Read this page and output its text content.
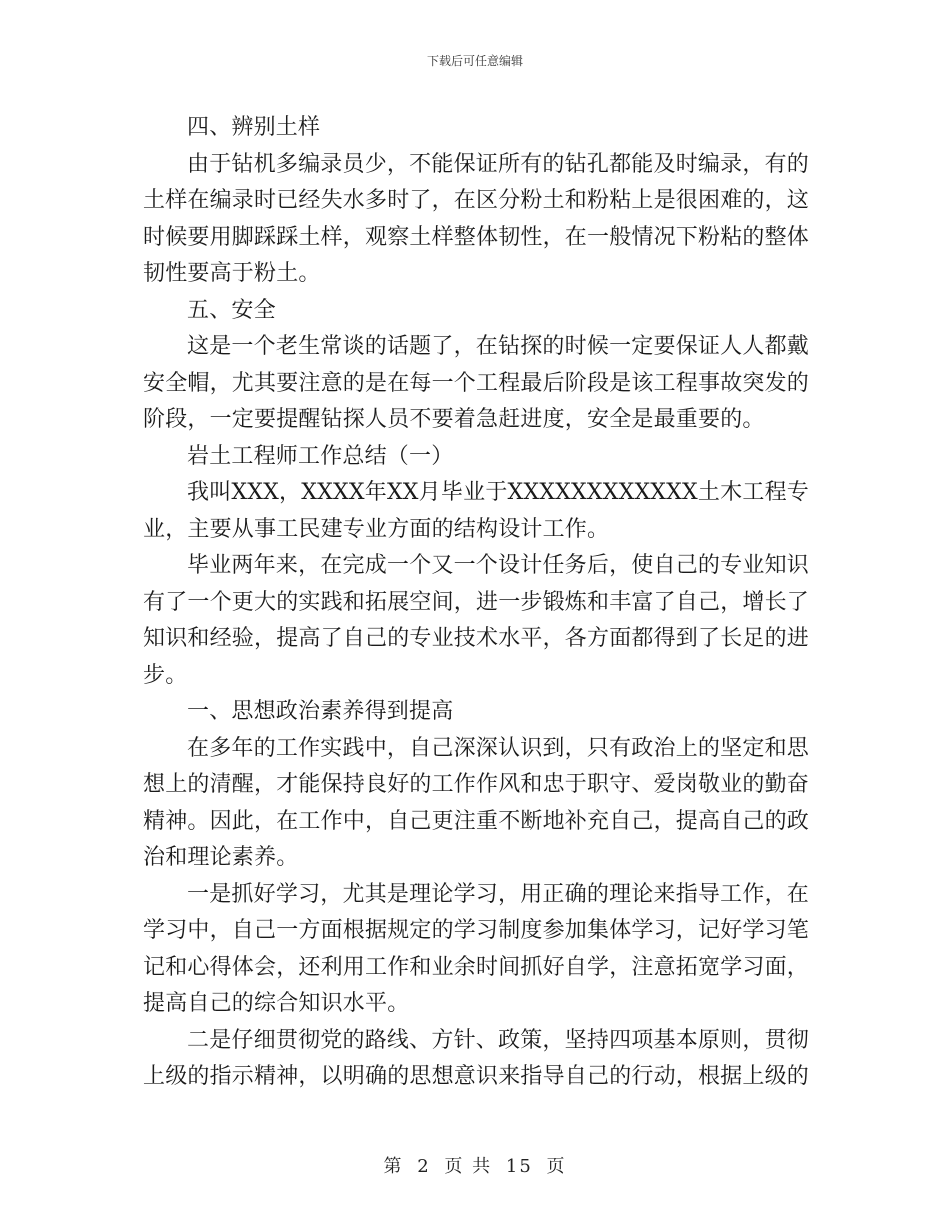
下载后可任意编辑

四、辨别土样

由于钻机多编录员少，不能保证所有的钻孔都能及时编录，有的土样在编录时已经失水多时了，在区分粉土和粉粘上是很困难的，这时候要用脚踩踩土样，观察土样整体韧性，在一般情况下粉粘的整体韧性要高于粉土。

五、安全

这是一个老生常谈的话题了，在钻探的时候一定要保证人人都戴安全帽，尤其要注意的是在每一个工程最后阶段是该工程事故突发的阶段，一定要提醒钻探人员不要着急赶进度，安全是最重要的。

岩土工程师工作总结（一）

我叫XXX，XXXX年XX月毕业于XXXXXXXXXXXX土木工程专业，主要从事工民建专业方面的结构设计工作。

毕业两年来，在完成一个又一个设计任务后，使自己的专业知识有了一个更大的实践和拓展空间，进一步锻炼和丰富了自己，增长了知识和经验，提高了自己的专业技术水平，各方面都得到了长足的进步。

一、思想政治素养得到提高

在多年的工作实践中，自己深深认识到，只有政治上的坚定和思想上的清醒，才能保持良好的工作作风和忠于职守、爱岗敬业的勤奋精神。因此，在工作中，自己更注重不断地补充自己，提高自己的政治和理论素养。

一是抓好学习，尤其是理论学习，用正确的理论来指导工作，在学习中，自己一方面根据规定的学习制度参加集体学习，记好学习笔记和心得体会，还利用工作和业余时间抓好自学，注意拓宽学习面，提高自己的综合知识水平。

二是仔细贯彻党的路线、方针、政策，坚持四项基本原则，贯彻上级的指示精神，以明确的思想意识来指导自己的行动，根据上级的

第 2 页 共 15 页
